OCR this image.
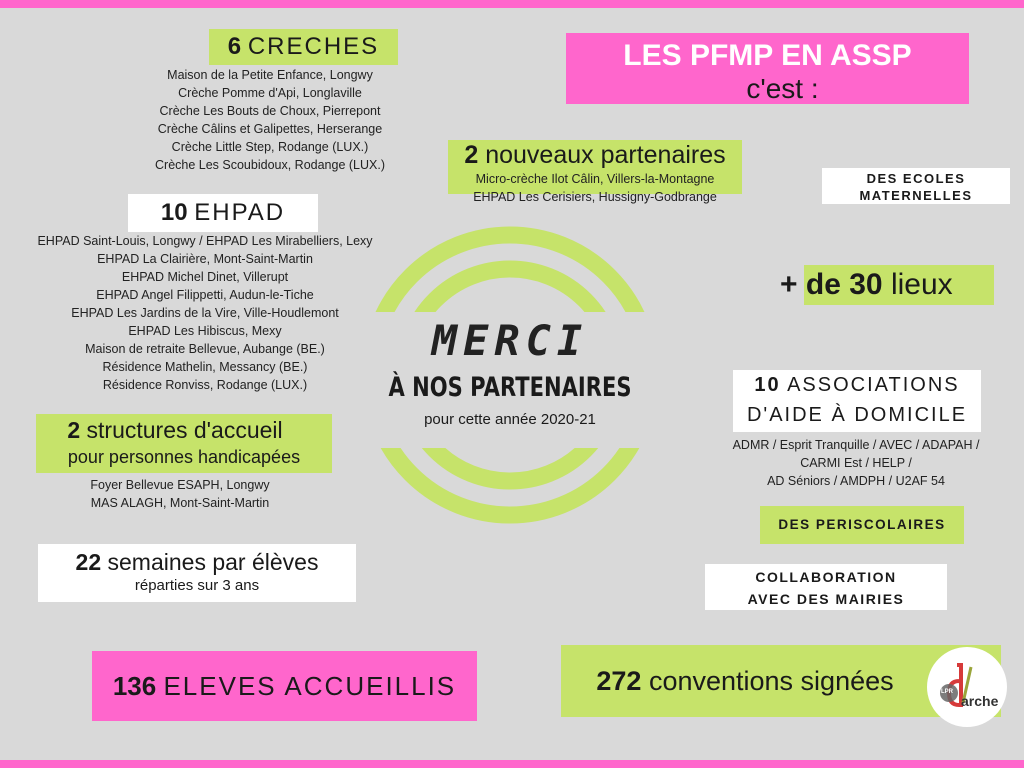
6 CRECHES
Maison de la Petite Enfance, Longwy
Crèche Pomme d'Api, Longlaville
Crèche Les Bouts de Choux, Pierrepont
Crèche Câlins et Galipettes, Herserange
Crèche Little Step, Rodange (LUX.)
Crèche Les Scoubidoux, Rodange (LUX.)
10 EHPAD
EHPAD Saint-Louis, Longwy / EHPAD Les Mirabelliers, Lexy
EHPAD La Clairière, Mont-Saint-Martin
EHPAD Michel Dinet, Villerupt
EHPAD Angel Filippetti, Audun-le-Tiche
EHPAD Les Jardins de la Vire, Ville-Houdlemont
EHPAD Les Hibiscus, Mexy
Maison de retraite Bellevue, Aubange (BE.)
Résidence Mathelin, Messancy (BE.)
Résidence Ronviss, Rodange (LUX.)
2 structures d'accueil
pour personnes handicapées
Foyer Bellevue ESAPH, Longwy
MAS ALAGH, Mont-Saint-Martin
22 semaines par élèves
réparties sur 3 ans
136 ELEVES ACCUEILLIS
LES PFMP EN ASSP
c'est :
2 nouveaux partenaires
Micro-crèche Ilot Câlin, Villers-la-Montagne
EHPAD Les Cerisiers, Hussigny-Godbrange
DES ECOLES
MATERNELLES
+ de 30 lieux
10 ASSOCIATIONS
D'AIDE À DOMICILE
ADMR / Esprit Tranquille / AVEC / ADAPAH /
CARMI Est / HELP /
AD Séniors / AMDPH / U2AF 54
DES PERISCOLAIRES
COLLABORATION
AVEC DES MAIRIES
272 conventions signées	LPR
arche
MERCI
À NOS PARTENAIRES
pour cette année 2020-21
